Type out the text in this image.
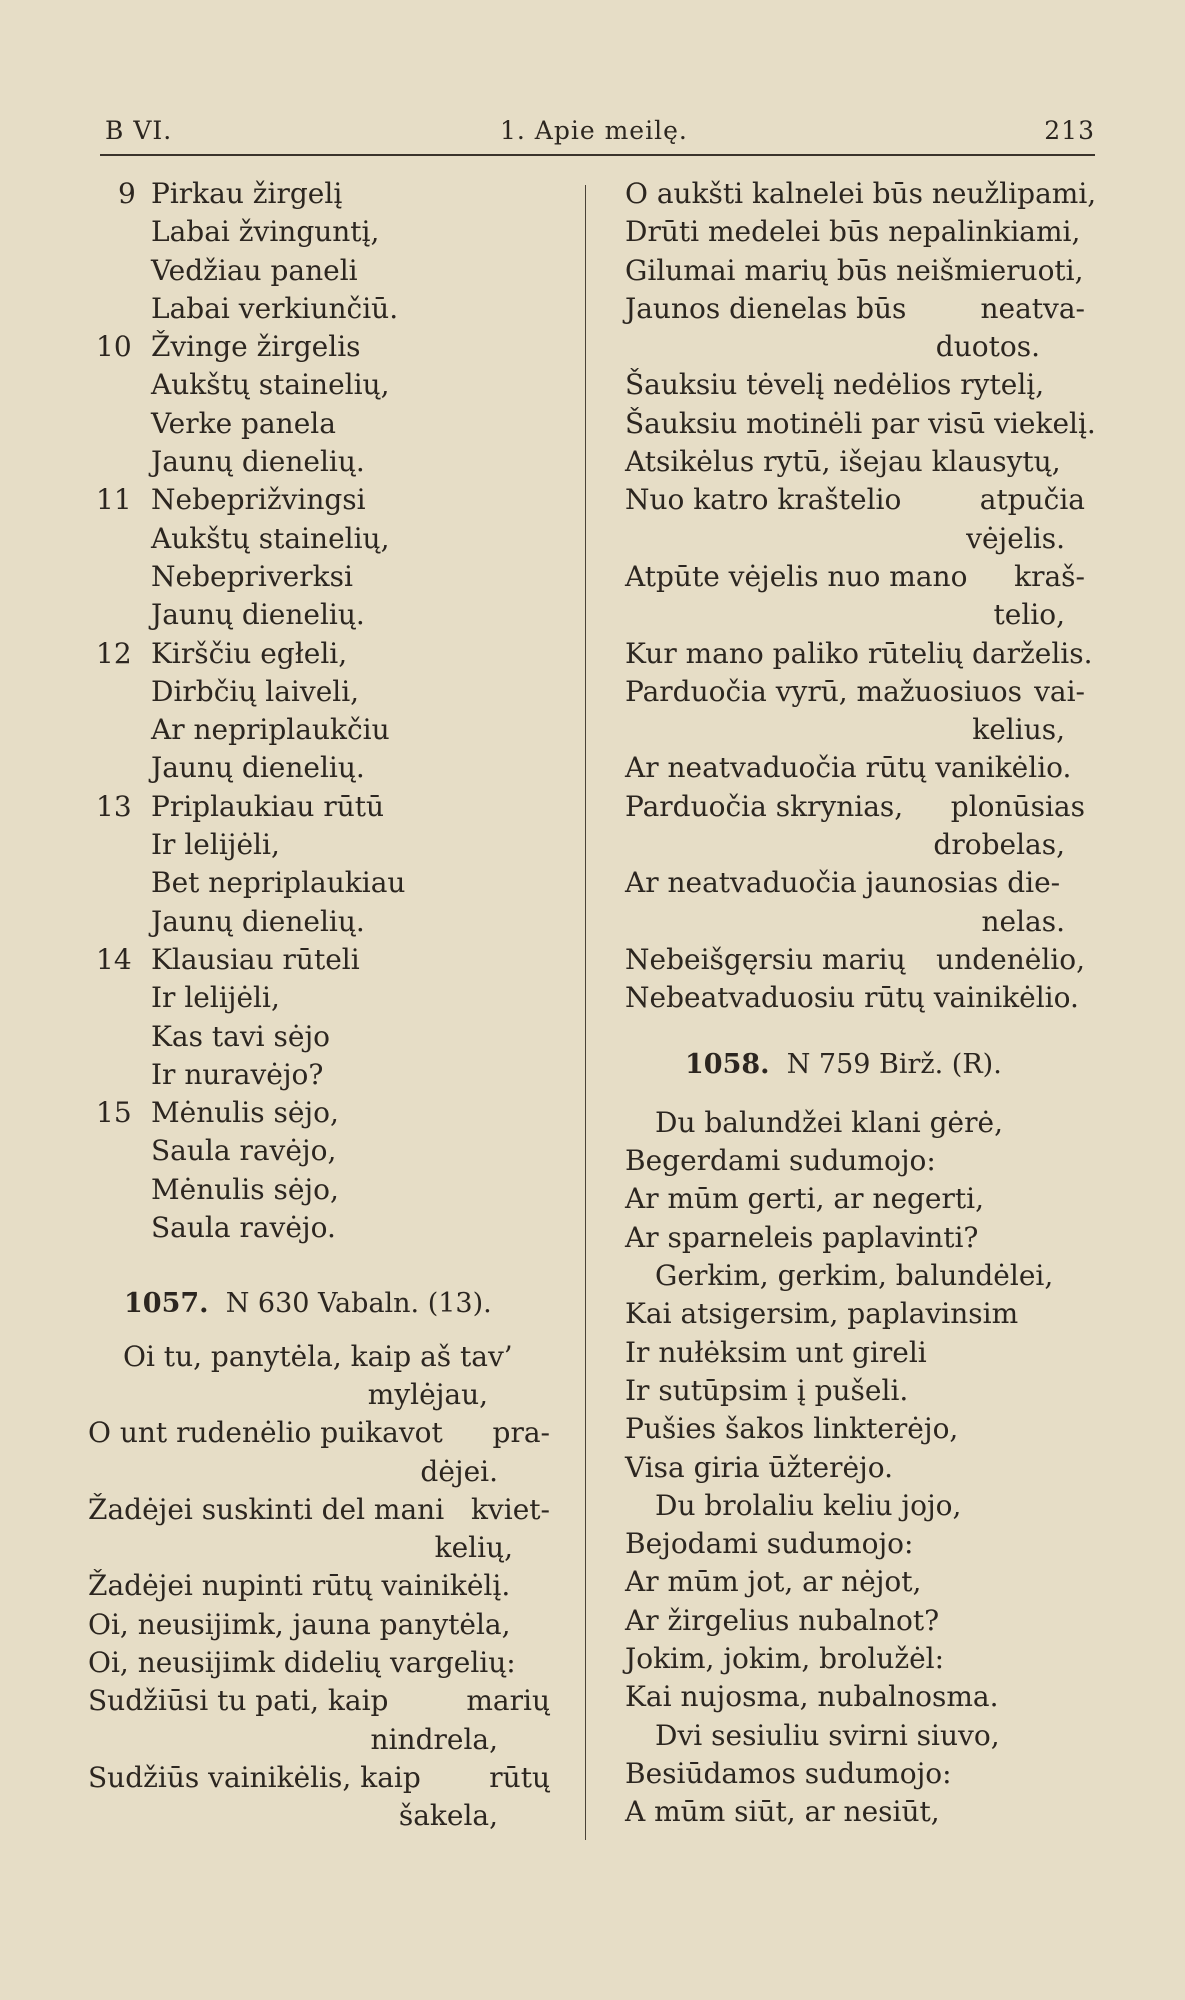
B VI.	1. Apie meilę.	213
9 Pirkau žirgelį
Labai žvinguntį,
Vedžiau paneli
Labai verkiunčiū.
10 Žvinge žirgelis
Aukštų stainelių,
Verke panela
Jaunų dienelių.
11 Nebeprižvingsi
Aukštų stainelių,
Nebepriverksi
Jaunų dienelių.
12 Kirščiu egłeli,
Dirbčių laiveli,
Ar nepriplaukčiu
Jaunų dienelių.
13 Priplaukiau rūtū
Ir lelijėli,
Bet nepriplaukiau
Jaunų dienelių.
14 Klausiau rūteli
Ir lelijėli,
Kas tavi sėjo
Ir nuravėjo?
15 Mėnulis sėjo,
Saula ravėjo,
Mėnulis sėjo,
Saula ravėjo.
1057.  N 630 Vabaln. (13).
Oi tu, panytėla, kaip aš tav’
mylėjau,
O unt rudenėlio puikavot pra-
dėjei.
Žadėjei suskinti del mani kviet-
kelių,
Žadėjei nupinti rūtų vainikėlį.
Oi, neusijimk, jauna panytėla,
Oi, neusijimk didelių vargelių:
Sudžiūsi tu pati, kaip	marių
nindrela,
Sudžiūs vainikėlis, kaip rūtų
šakela,
O aukšti kalnelei būs neužlipami,
Drūti medelei būs nepalinkiami,
Gilumai marių būs neišmieruoti,
Jaunos dienelas būs	neatva-
duotos.
Šauksiu tėvelį nedėlios rytelį,
Šauksiu motinėli par visū viekelį.
Atsikėlus rytū, išejau klausytų,
Nuo katro kraštelio	atpučia
vėjelis.
Atpūte vėjelis nuo mano kraš-
telio,
Kur mano paliko rūtelių darželis.
Parduočia vyrū, mažuosiuos vai-
kelius,
Ar neatvaduočia rūtų vanikėlio.
Parduočia skrynias, plonūsias
drobelas,
Ar neatvaduočia jaunosias die-
nelas.
Nebeišgęrsiu marių undenėlio,
Nebeatvaduosiu rūtų vainikėlio.
1058.  N 759 Birž. (R).
Du balundžei klani gėrė,
Begerdami sudumojo:
Ar mūm gerti, ar negerti,
Ar sparneleis paplavinti?
Gerkim, gerkim, balundėlei,
Kai atsigersim, paplavinsim
Ir nułėksim unt gireli
Ir sutūpsim į pušeli.
Pušies šakos linkterėjo,
Visa giria ūžterėjo.
Du brolaliu keliu jojo,
Bejodami sudumojo:
Ar mūm jot, ar nėjot,
Ar žirgelius nubalnot?
Jokim, jokim, brolužėl:
Kai nujosma, nubalnosma.
Dvi sesiuliu svirni siuvo,
Besiūdamos sudumojo:
A mūm siūt, ar nesiūt,
